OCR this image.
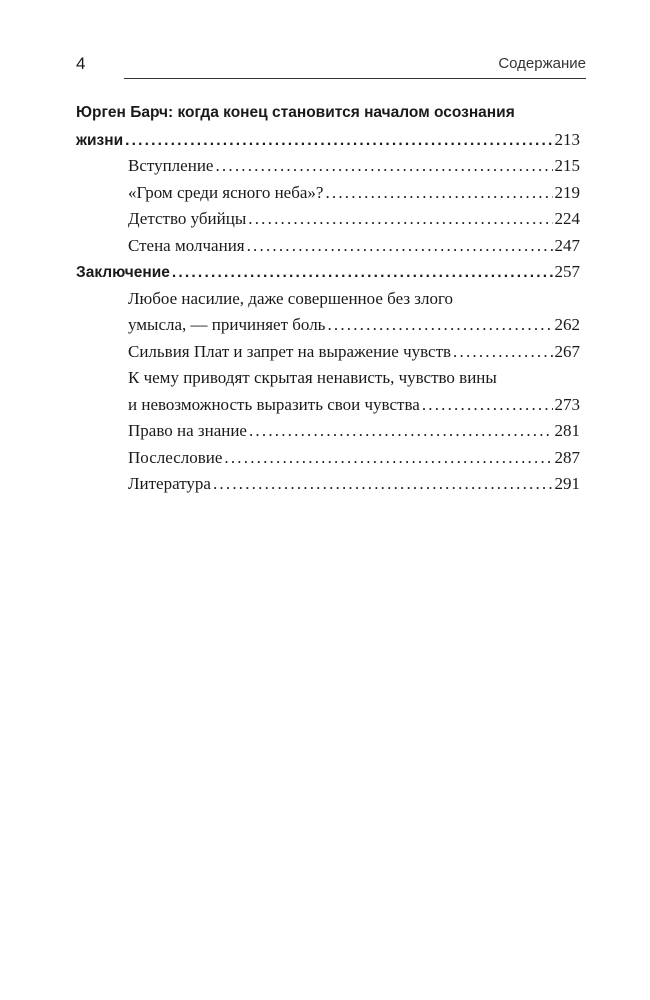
4	Содержание
Юрген Барч: когда конец становится началом осознания
жизни .....	213
Вступление .....	215
«Гром среди ясного неба»? .....	219
Детство убийцы .....	224
Стена молчания .....	247
Заключение .....	257
Любое насилие, даже совершенное без злого
умысла, — причиняет боль .....	262
Сильвия Плат и запрет на выражение чувств .....	267
К чему приводят скрытая ненависть, чувство вины
и невозможность выразить свои чувства .....	273
Право на знание .....	281
Послесловие .....	287
Литература .....	291
